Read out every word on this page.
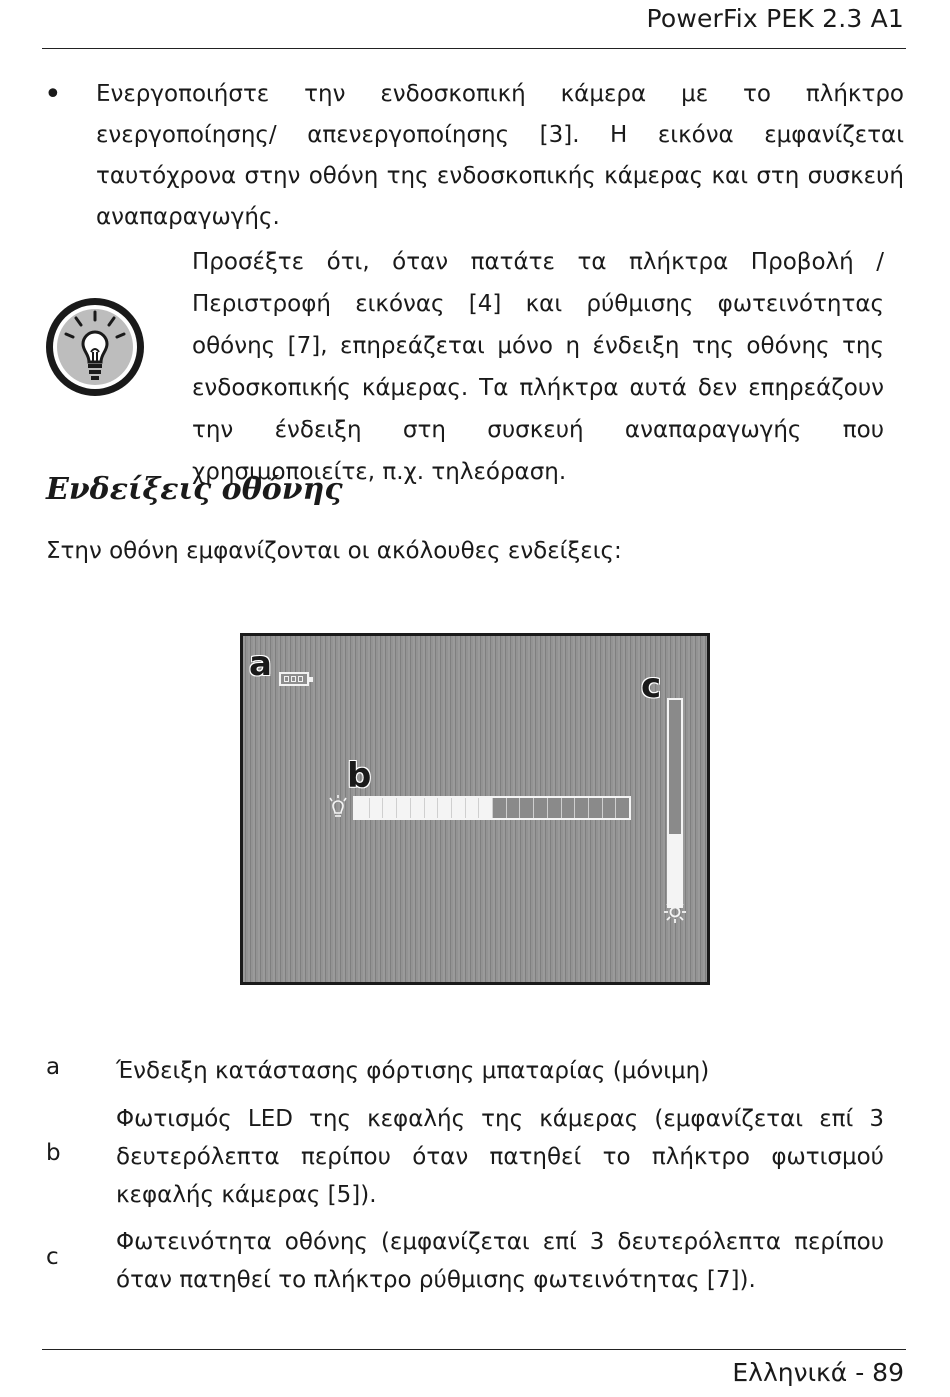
PowerFix PEK 2.3 A1
• Ενεργοποιήστε την ενδοσκοπική κάμερα με το πλήκτρο ενεργοποίησης/ απενεργοποίησης [3]. Η εικόνα εμφανίζεται ταυτόχρονα στην οθόνη της ενδοσκοπικής κάμερας και στη συσκευή αναπαραγωγής.

Προσέξτε ότι, όταν πατάτε τα πλήκτρα Προβολή / Περιστροφή εικόνας [4] και ρύθμισης φωτεινότητας οθόνης [7], επηρεάζεται μόνο η ένδειξη της οθόνης της ενδοσκοπικής κάμερας. Τα πλήκτρα αυτά δεν επηρεάζουν την ένδειξη στη συσκευή αναπαραγωγής που χρησιμοποιείτε, π.χ. τηλεόραση.

Ενδείξεις οθόνης

Στην οθόνη εμφανίζονται οι ακόλουθες ενδείξεις:

a
b
c
a Ένδειξη κατάστασης φόρτισης μπαταρίας (μόνιμη)

b

Φωτισμός LED της κεφαλής της κάμερας (εμφανίζεται επί 3 δευτερόλεπτα περίπου όταν πατηθεί το πλήκτρο φωτισμού κεφαλής κάμερας [5]).

c

Φωτεινότητα οθόνης (εμφανίζεται επί 3 δευτερόλεπτα περίπου όταν πατηθεί το πλήκτρο ρύθμισης φωτεινότητας [7]).

Ελληνικά - 89
